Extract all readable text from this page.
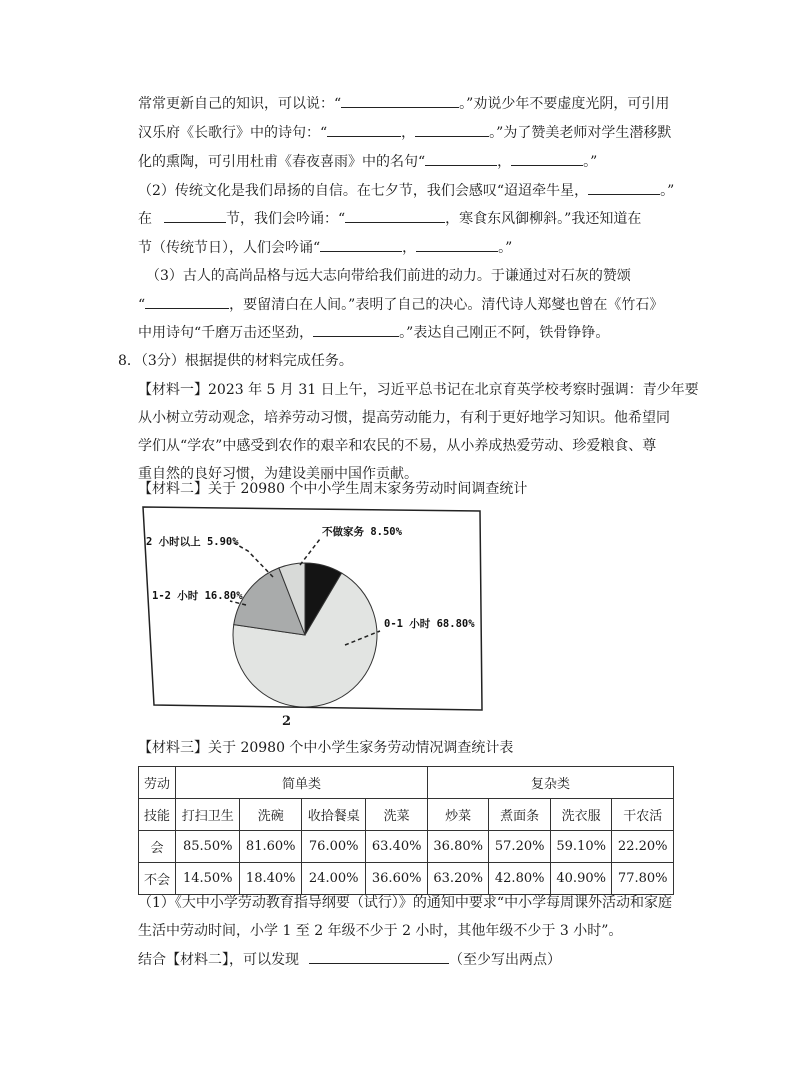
常常更新自己的知识，可以说：“	。”劝说少年不要虚度光阴，可引用
汉乐府《长歌行》中的诗句：“	，	。”为了赞美老师对学生潜移默
化的熏陶，可引用杜甫《春夜喜雨》中的名句“	，	。”
（2）传统文化是我们昂扬的自信。在七夕节，我们会感叹“迢迢牵牛星，	。”
在	节，我们会吟诵：“	，寒食东风御柳斜。”我还知道在
节（传统节日），人们会吟诵“	，	。”
（3）古人的高尚品格与远大志向带给我们前进的动力。于谦通过对石灰的赞颂
“	，要留清白在人间。”表明了自己的决心。清代诗人郑燮也曾在《竹石》
中用诗句“千磨万击还坚劲，	。”表达自己刚正不阿，铁骨铮铮。
8．（3分）根据提供的材料完成任务。
【材料一】2023 年 5 月 31 日上午，习近平总书记在北京育英学校考察时强调：青少年要
从小树立劳动观念，培养劳动习惯，提高劳动能力，有利于更好地学习知识。他希望同
学们从“学农”中感受到农作的艰辛和农民的不易，从小养成热爱劳动、珍爱粮食、尊
重自然的良好习惯，为建设美丽中国作贡献。
【材料二】关于 20980 个中小学生周末家务劳动时间调查统计
0-1 小时 68.80%
1-2 小时 16.80%
2 小时以上 5.90%
不做家务 8.50%
2
【材料三】关于 20980 个中小学生家务劳动情况调查统计表
劳动	简单类				复杂类			
技能	打扫卫生	洗碗	收拾餐桌	洗菜	炒菜	煮面条	洗衣服	干农活
会	85.50%	81.60%	76.00%	63.40%	36.80%	57.20%	59.10%	22.20%
不会	14.50%	18.40%	24.00%	36.60%	63.20%	42.80%	40.90%	77.80%
（1）《大中小学劳动教育指导纲要（试行）》的通知中要求“中小学每周课外活动和家庭
生活中劳动时间，小学 1 至 2 年级不少于 2 小时，其他年级不少于 3 小时”。
结合【材料二】，可以发现	（至少写出两点）
